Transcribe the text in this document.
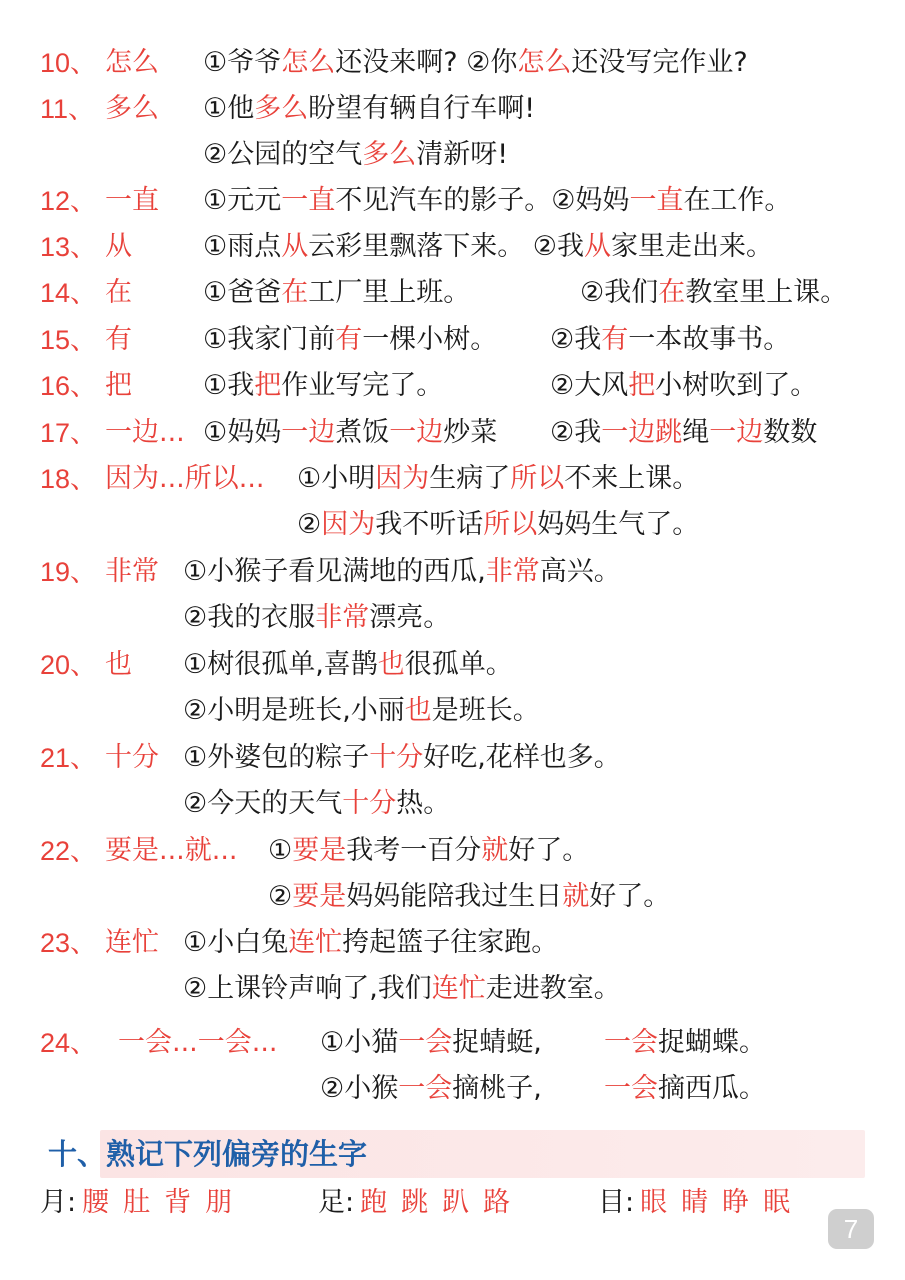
10、 怎么 ①爷爷怎么还没来啊? ②你怎么还没写完作业?
11、 多么 ①他多么盼望有辆自行车啊!
②公园的空气多么清新呀!
12、 一直 ①元元一直不见汽车的影子。②妈妈一直在工作。
13、 从	①雨点从云彩里飘落下来。 ②我从家里走出来。
14、 在	①爸爸在工厂里上班。	②我们在教室里上课。
15、 有	①我家门前有一棵小树。 ②我有一本故事书。
16、 把	①我把作业写完了。	②大风把小树吹到了。
17、 一边... ①妈妈一边煮饭一边炒菜 ②我一边跳绳一边数数
18、 因为...所以... ①小明因为生病了所以不来上课。
②因为我不听话所以妈妈生气了。
19、 非常 ①小猴子看见满地的西瓜,非常高兴。
②我的衣服非常漂亮。
20、 也 ①树很孤单,喜鹊也很孤单。
②小明是班长,小丽也是班长。
21、 十分 ①外婆包的粽子十分好吃,花样也多。
②今天的天气十分热。
22、 要是...就... ①要是我考一百分就好了。
②要是妈妈能陪我过生日就好了。
23、 连忙 ①小白兔连忙挎起篮子往家跑。
②上课铃声响了,我们连忙走进教室。
24、 一会...一会... ①小猫一会捉蜻蜓, 一会捉蝴蝶。
②小猴一会摘桃子, 一会摘西瓜。
十、熟记下列偏旁的生字
月: 腰肚背朋	足: 跑跳趴路	目: 眼睛睁眠
7
